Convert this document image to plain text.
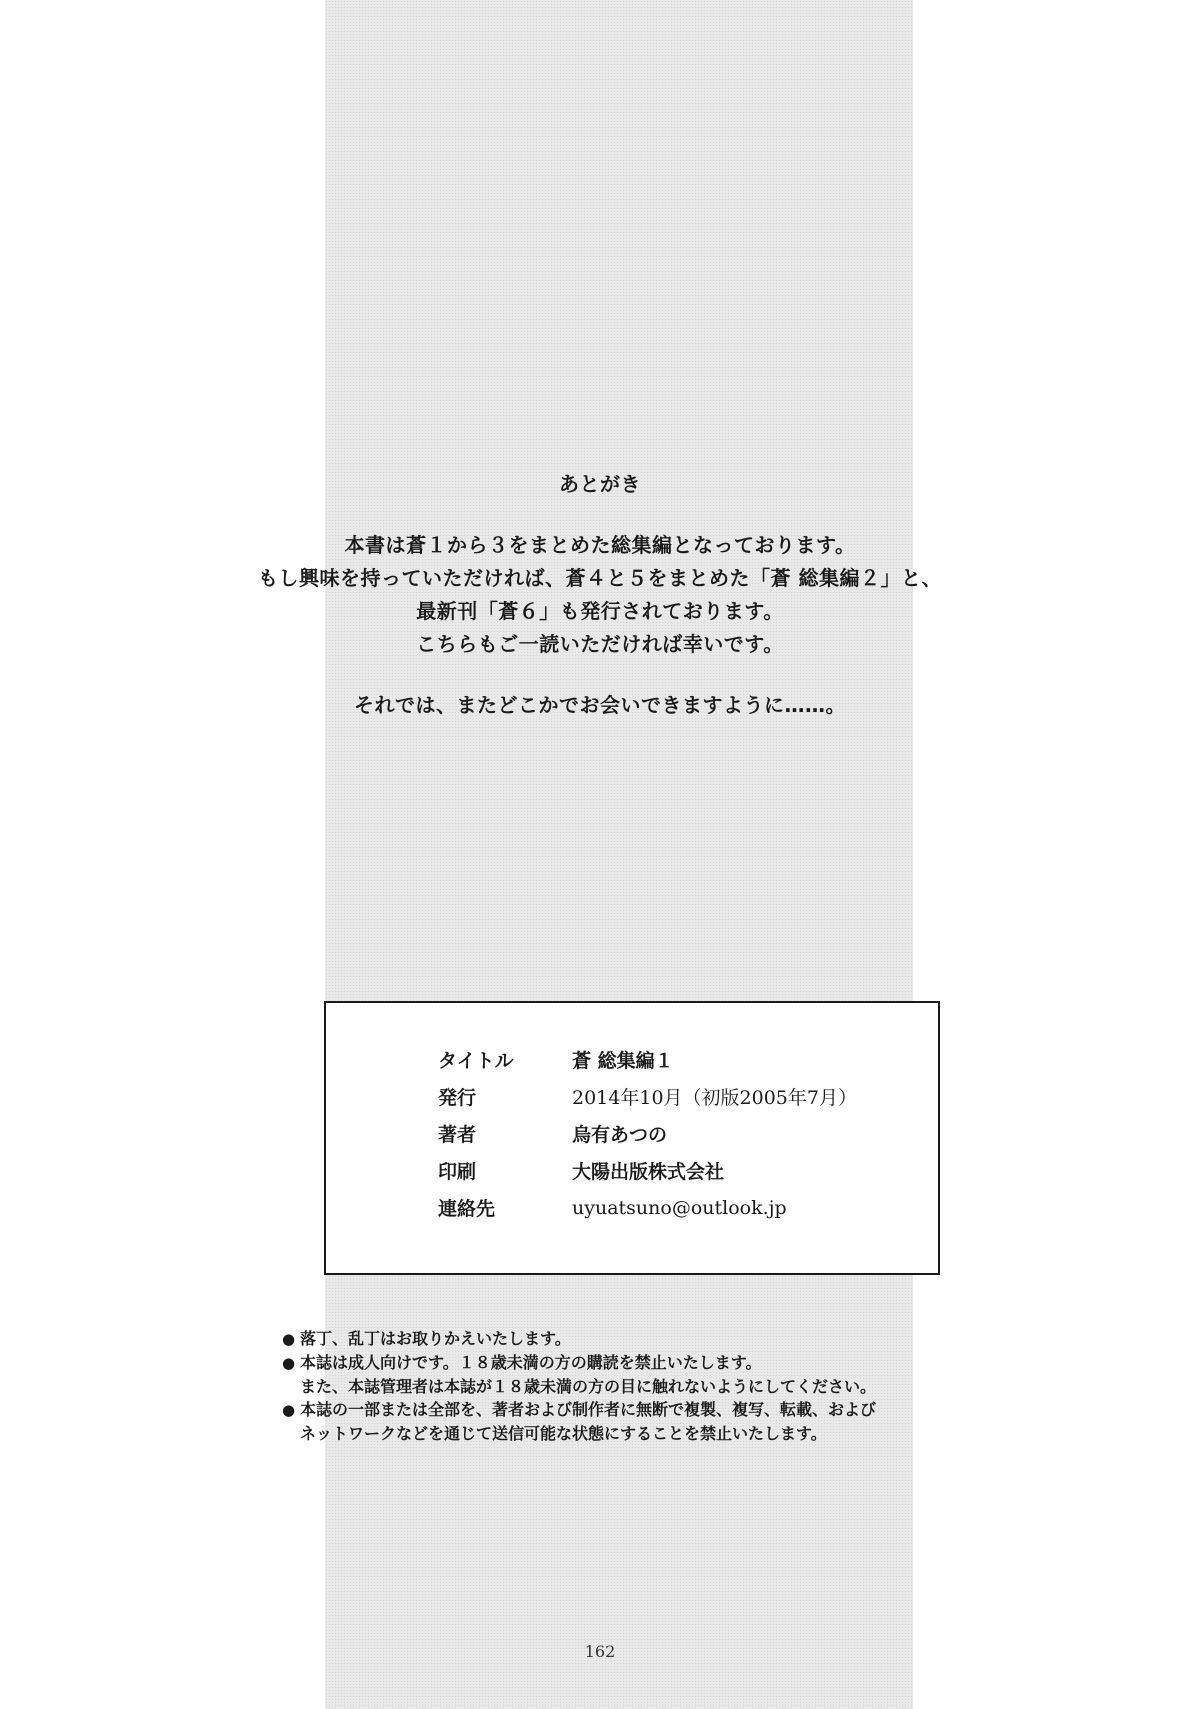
あとがき

本書は蒼１から３をまとめた総集編となっております。

もし興味を持っていただければ、蒼４と５をまとめた「蒼 総集編２」と、

最新刊「蒼６」も発行されております。

こちらもご一読いただければ幸いです。

それでは、またどこかでお会いできますように……。

タイトル	蒼 総集編１
発行	2014年10月（初版2005年7月）
著者	烏有あつの
印刷	大陽出版株式会社
連絡先	uyuatsuno@outlook.jp

● 落丁、乱丁はお取りかえいたします。

● 本誌は成人向けです。１８歳未満の方の購読を禁止いたします。

また、本誌管理者は本誌が１８歳未満の方の目に触れないようにしてください。

● 本誌の一部または全部を、著者および制作者に無断で複製、複写、転載、および

ネットワークなどを通じて送信可能な状態にすることを禁止いたします。

162
